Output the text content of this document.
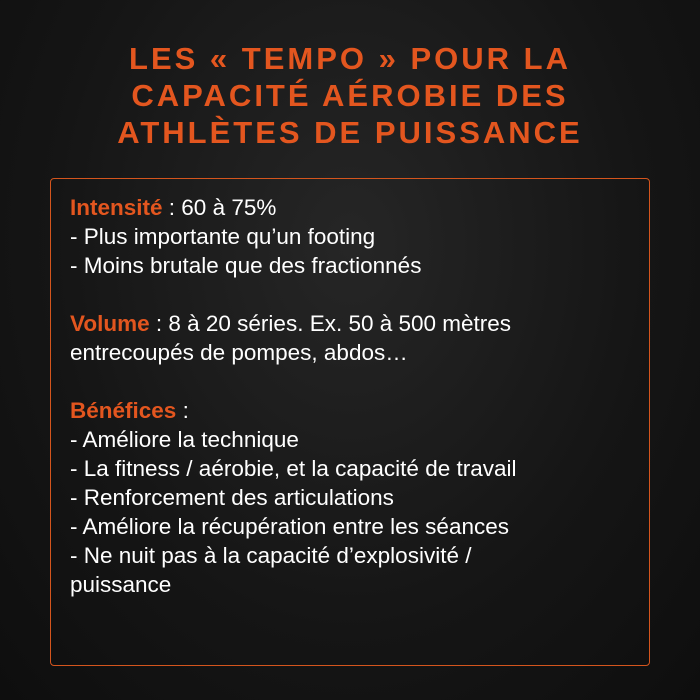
LES « TEMPO » POUR LA
CAPACITÉ AÉROBIE DES
ATHLÈTES DE PUISSANCE
Intensité : 60 à 75%
- Plus importante qu’un footing
- Moins brutale que des fractionnés
Volume : 8 à 20 séries. Ex. 50 à 500 mètres
entrecoupés de pompes, abdos…
Bénéfices :
- Améliore la technique
- La fitness / aérobie, et la capacité de travail
- Renforcement des articulations
- Améliore la récupération entre les séances
- Ne nuit pas à la capacité d’explosivité /
puissance
